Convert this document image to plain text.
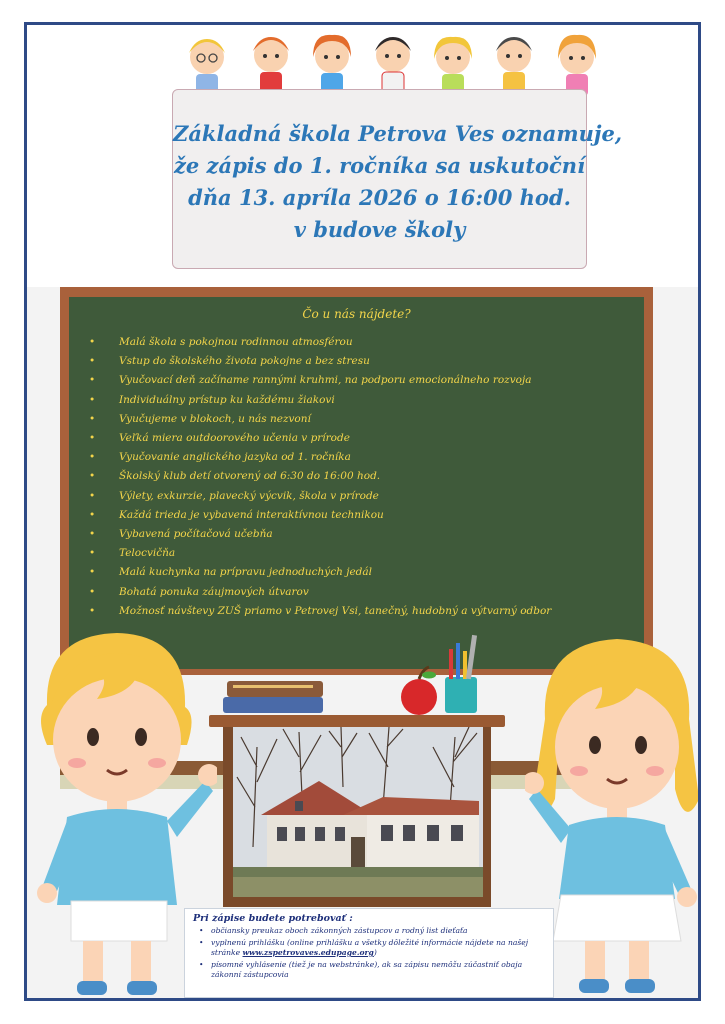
Základná škola Petrova Ves oznamuje,
že zápis do 1. ročníka sa uskutoční
dňa 13. apríla 2026 o 16:00 hod.
v budove školy
Čo u nás nájdete?
• Malá škola s pokojnou rodinnou atmosférou
• Vstup do školského života pokojne a bez stresu
• Vyučovací deň začíname rannými kruhmi, na podporu emocionálneho rozvoja
• Individuálny prístup ku každému žiakovi
• Vyučujeme v blokoch, u nás nezvoní
• Veľká miera outdoorového učenia v prírode
• Vyučovanie anglického jazyka od 1. ročníka
• Školský klub detí otvorený od 6:30 do 16:00 hod.
• Výlety, exkurzie, plavecký výcvik, škola v prírode
• Každá trieda je vybavená interaktívnou technikou
• Vybavená počítačová učebňa
• Telocvičňa
• Malá kuchynka na prípravu jednoduchých jedál
• Bohatá ponuka záujmových útvarov
• Možnosť návštevy ZUŠ priamo v Petrovej Vsi, tanečný, hudobný a výtvarný odbor
Pri zápise budete potrebovať :
• občiansky preukaz oboch zákonných zástupcov a rodný list dieťaťa
• vyplnenú prihlášku (online prihlášku a všetky dôležité informácie nájdete na našej stránke www.zspetrovaves.edupage.org)
• písomné vyhlásenie (tiež je na webstránke), ak sa zápisu nemôžu zúčastniť obaja zákonní zástupcovia
